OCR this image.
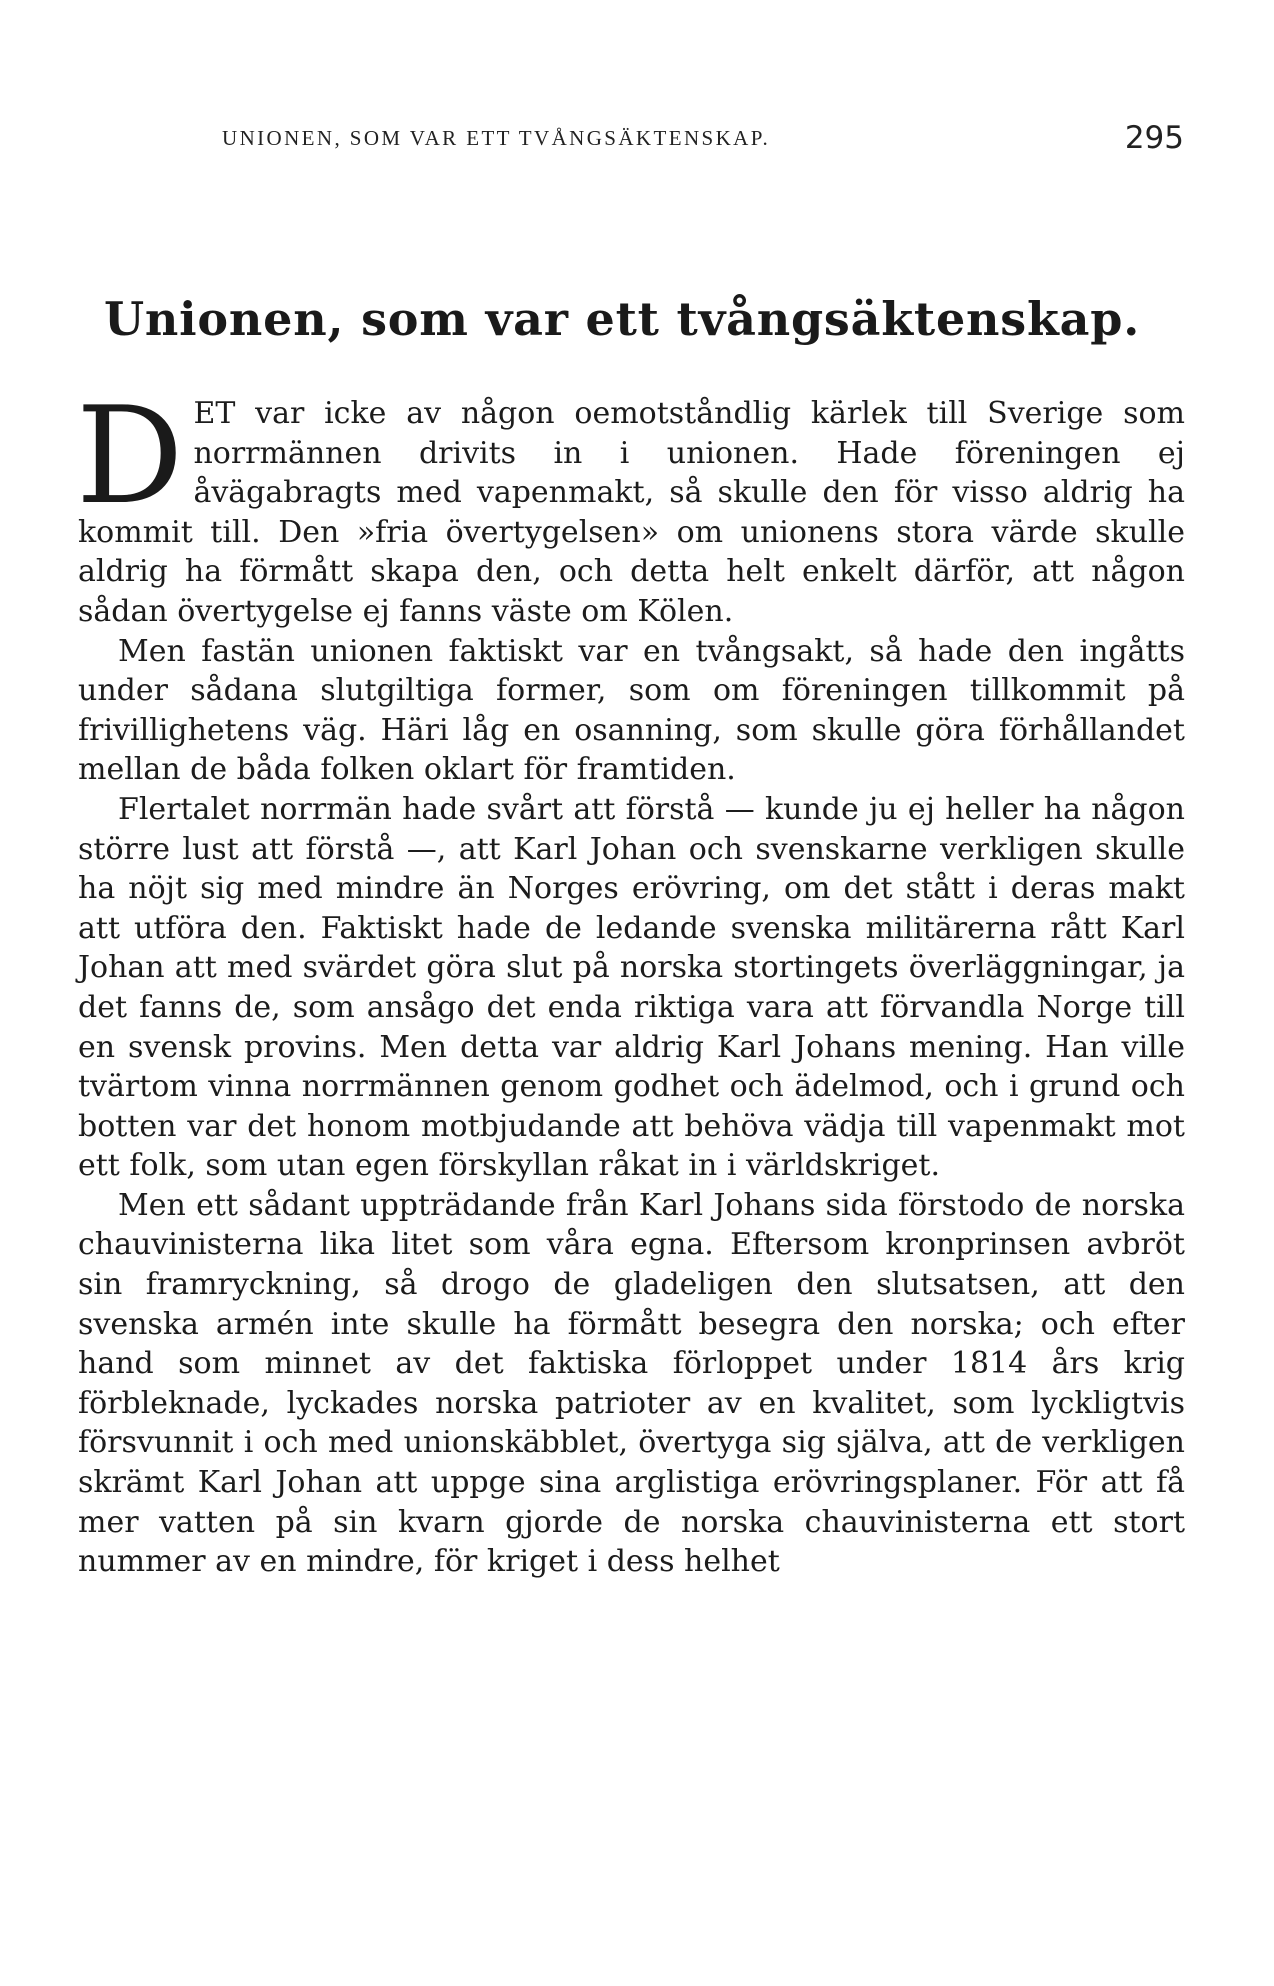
UNIONEN, SOM VAR ETT TVÅNGSÄKTENSKAP.	295
Unionen, som var ett tvångsäktenskap.

DET var icke av någon oemotståndlig kärlek till Sverige som norrmännen drivits in i unionen. Hade föreningen ej åvägabragts med vapenmakt, så skulle den för visso aldrig ha kommit till. Den »fria övertygelsen» om unionens stora värde skulle aldrig ha förmått skapa den, och detta helt enkelt därför, att någon sådan övertygelse ej fanns väste om Kölen.

Men fastän unionen faktiskt var en tvångsakt, så hade den ingåtts under sådana slutgiltiga former, som om föreningen tillkommit på frivillighetens väg. Häri låg en osanning, som skulle göra förhållandet mellan de båda folken oklart för framtiden.

Flertalet norrmän hade svårt att förstå — kunde ju ej heller ha någon större lust att förstå —, att Karl Johan och svenskarne verkligen skulle ha nöjt sig med mindre än Norges erövring, om det stått i deras makt att utföra den. Faktiskt hade de ledande svenska militärerna rått Karl Johan att med svärdet göra slut på norska stortingets överläggningar, ja det fanns de, som ansågo det enda riktiga vara att förvandla Norge till en svensk provins. Men detta var aldrig Karl Johans mening. Han ville tvärtom vinna norrmännen genom godhet och ädelmod, och i grund och botten var det honom motbjudande att behöva vädja till vapenmakt mot ett folk, som utan egen förskyllan råkat in i världskriget.

Men ett sådant uppträdande från Karl Johans sida förstodo de norska chauvinisterna lika litet som våra egna. Eftersom kronprinsen avbröt sin framryckning, så drogo de gladeligen den slutsatsen, att den svenska armén inte skulle ha förmått besegra den norska; och efter hand som minnet av det faktiska förloppet under 1814 års krig förbleknade, lyckades norska patrioter av en kvalitet, som lyckligtvis försvunnit i och med unionskäbblet, övertyga sig själva, att de verkligen skrämt Karl Johan att uppge sina arglistiga erövringsplaner. För att få mer vatten på sin kvarn gjorde de norska chauvinisterna ett stort nummer av en mindre, för kriget i dess helhet
